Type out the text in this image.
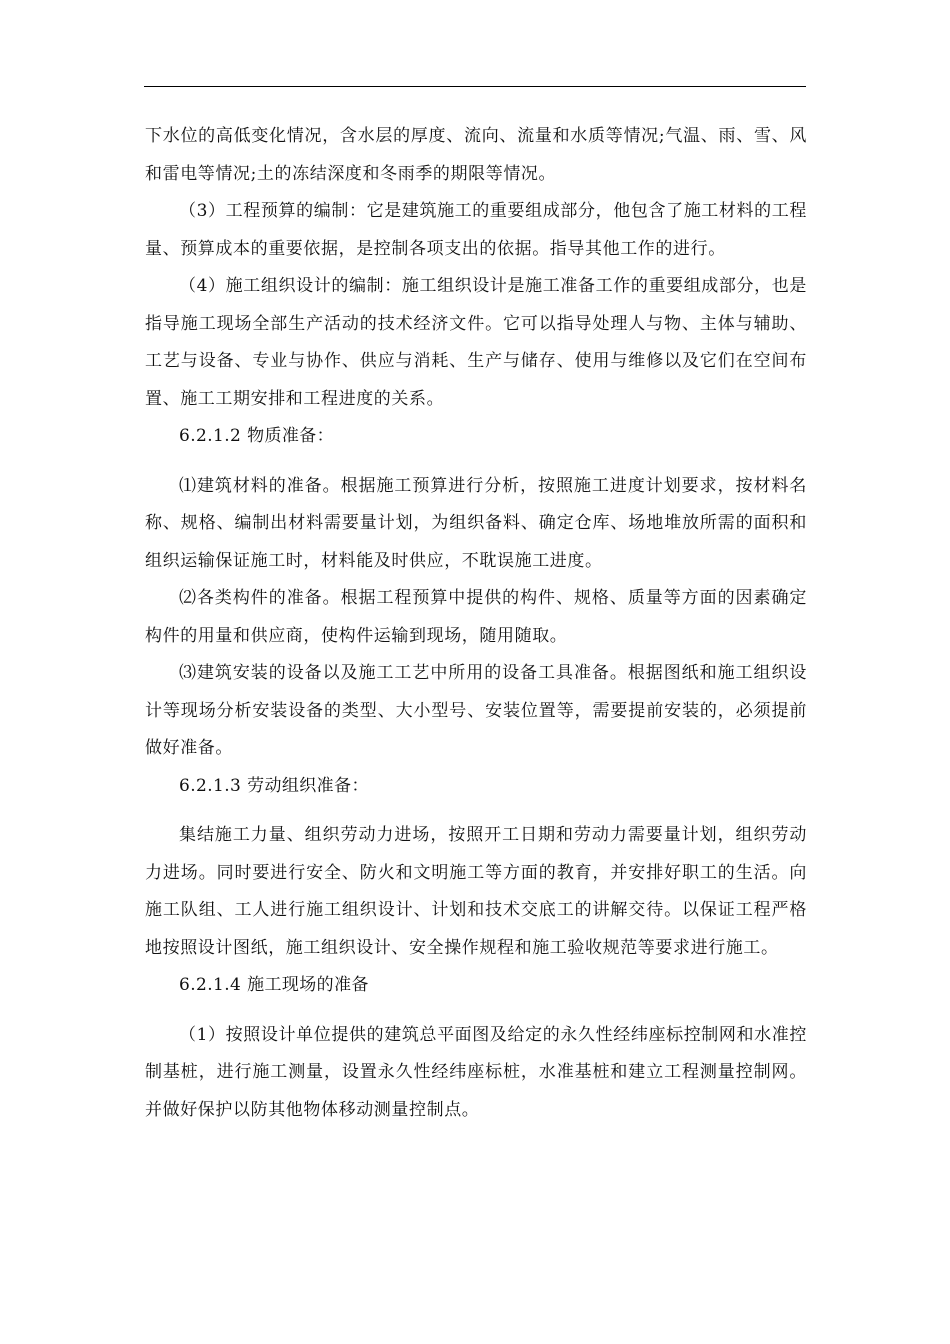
下水位的高低变化情况，含水层的厚度、流向、流量和水质等情况;气温、雨、雪、风和雷电等情况;土的冻结深度和冬雨季的期限等情况。

（3）工程预算的编制：它是建筑施工的重要组成部分，他包含了施工材料的工程量、预算成本的重要依据，是控制各项支出的依据。指导其他工作的进行。

（4）施工组织设计的编制：施工组织设计是施工准备工作的重要组成部分，也是指导施工现场全部生产活动的技术经济文件。它可以指导处理人与物、主体与辅助、工艺与设备、专业与协作、供应与消耗、生产与储存、使用与维修以及它们在空间布置、施工工期安排和工程进度的关系。

6.2.1.2 物质准备：

⑴建筑材料的准备。根据施工预算进行分析，按照施工进度计划要求，按材料名称、规格、编制出材料需要量计划，为组织备料、确定仓库、场地堆放所需的面积和组织运输保证施工时，材料能及时供应，不耽误施工进度。

⑵各类构件的准备。根据工程预算中提供的构件、规格、质量等方面的因素确定构件的用量和供应商，使构件运输到现场，随用随取。

⑶建筑安装的设备以及施工工艺中所用的设备工具准备。根据图纸和施工组织设计等现场分析安装设备的类型、大小型号、安装位置等，需要提前安装的，必须提前做好准备。

6.2.1.3 劳动组织准备：

集结施工力量、组织劳动力进场，按照开工日期和劳动力需要量计划，组织劳动力进场。同时要进行安全、防火和文明施工等方面的教育，并安排好职工的生活。向施工队组、工人进行施工组织设计、计划和技术交底工的讲解交待。以保证工程严格地按照设计图纸，施工组织设计、安全操作规程和施工验收规范等要求进行施工。

6.2.1.4 施工现场的准备

（1）按照设计单位提供的建筑总平面图及给定的永久性经纬座标控制网和水准控制基桩，进行施工测量，设置永久性经纬座标桩，水准基桩和建立工程测量控制网。并做好保护以防其他物体移动测量控制点。
